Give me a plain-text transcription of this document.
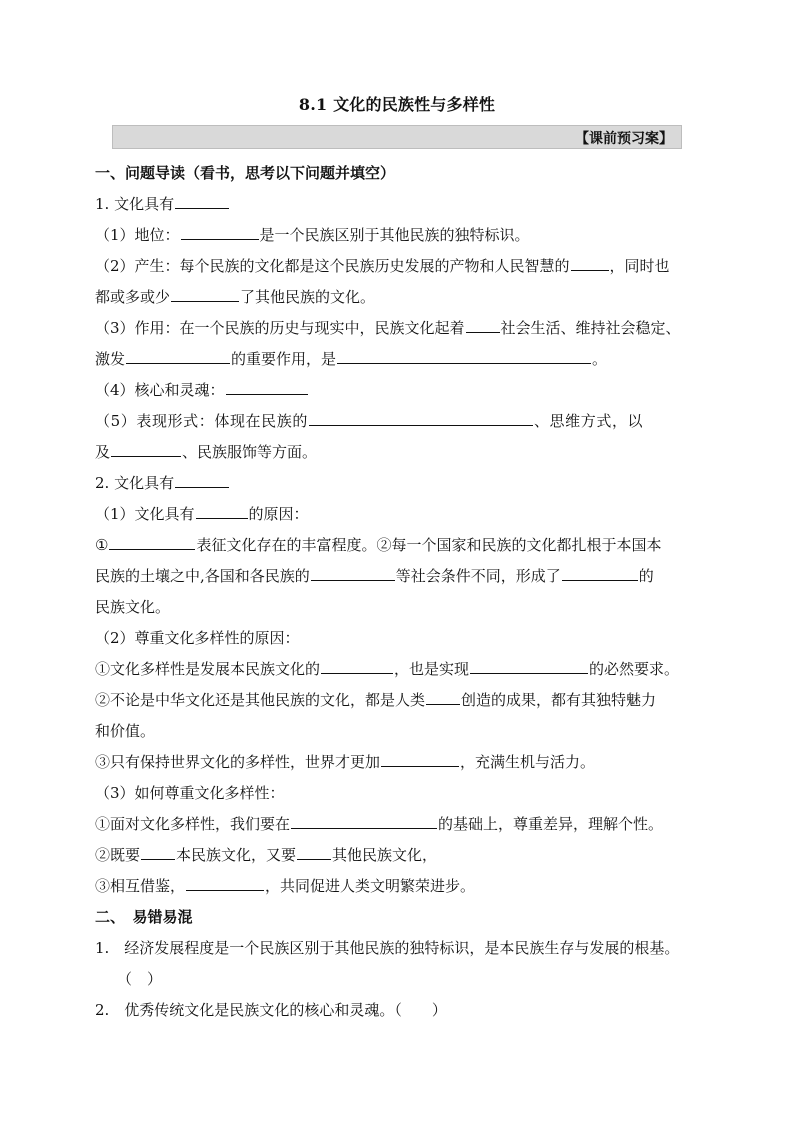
8.1 文化的民族性与多样性
【课前预习案】
一、问题导读（看书，思考以下问题并填空）
1. 文化具有
（1）地位：	是一个民族区别于其他民族的独特标识。
（2）产生：每个民族的文化都是这个民族历史发展的产物和人民智慧的	，同时也
都或多或少	了其他民族的文化。
（3）作用：在一个民族的历史与现实中，民族文化起着 社会生活、维持社会稳定、
激发	的重要作用，是	。
（4）核心和灵魂：
（5）表现形式：体现在民族的	、思维方式，以
及	、民族服饰等方面。
2. 文化具有
（1）文化具有	的原因：
①	表征文化存在的丰富程度。②每一个国家和民族的文化都扎根于本国本
民族的土壤之中,各国和各民族的	等社会条件不同，形成了	的
民族文化。
（2）尊重文化多样性的原因：
①文化多样性是发展本民族文化的	，也是实现	的必然要求。
②不论是中华文化还是其他民族的文化，都是人类 创造的成果，都有其独特魅力
和价值。
③只有保持世界文化的多样性，世界才更加	，充满生机与活力。
（3）如何尊重文化多样性：
①面对文化多样性，我们要在	的基础上，尊重差异，理解个性。
②既要 本民族文化，又要 其他民族文化，
③相互借鉴，	，共同促进人类文明繁荣进步。
二、　易错易混
1.　经济发展程度是一个民族区别于其他民族的独特标识，是本民族生存与发展的根基。
（　）
2.　优秀传统文化是民族文化的核心和灵魂。（　　）
